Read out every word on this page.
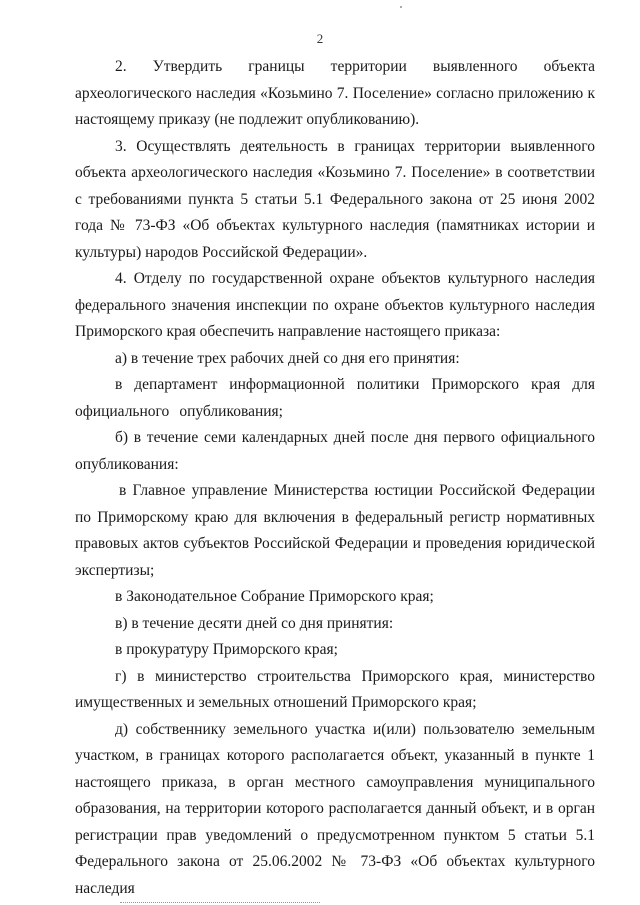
2

2. Утвердить границы территории выявленного объекта археологического наследия «Козьмино 7. Поселение» согласно приложению к настоящему приказу (не подлежит опубликованию).

3. Осуществлять деятельность в границах территории выявленного объекта археологического наследия «Козьмино 7. Поселение» в соответствии с требованиями пункта 5 статьи 5.1 Федерального закона от 25 июня 2002 года № 73-ФЗ «Об объектах культурного наследия (памятниках истории и культуры) народов Российской Федерации».

4. Отделу по государственной охране объектов культурного наследия федерального значения инспекции по охране объектов культурного наследия Приморского края обеспечить направление настоящего приказа:

а) в течение трех рабочих дней со дня его принятия:

в департамент информационной политики Приморского края для официального опубликования;

б) в течение семи календарных дней после дня первого официального опубликования:

в Главное управление Министерства юстиции Российской Федерации по Приморскому краю для включения в федеральный регистр нормативных правовых актов субъектов Российской Федерации и проведения юридической экспертизы;

в Законодательное Собрание Приморского края;

в) в течение десяти дней со дня принятия:

в прокуратуру Приморского края;

г) в министерство строительства Приморского края, министерство имущественных и земельных отношений Приморского края;

д) собственнику земельного участка и(или) пользователю земельным участком, в границах которого располагается объект, указанный в пункте 1 настоящего приказа, в орган местного самоуправления муниципального образования, на территории которого располагается данный объект, и в орган регистрации прав уведомлений о предусмотренном пунктом 5 статьи 5.1 Федерального закона от 25.06.2002 № 73-ФЗ «Об объектах культурного наследия
